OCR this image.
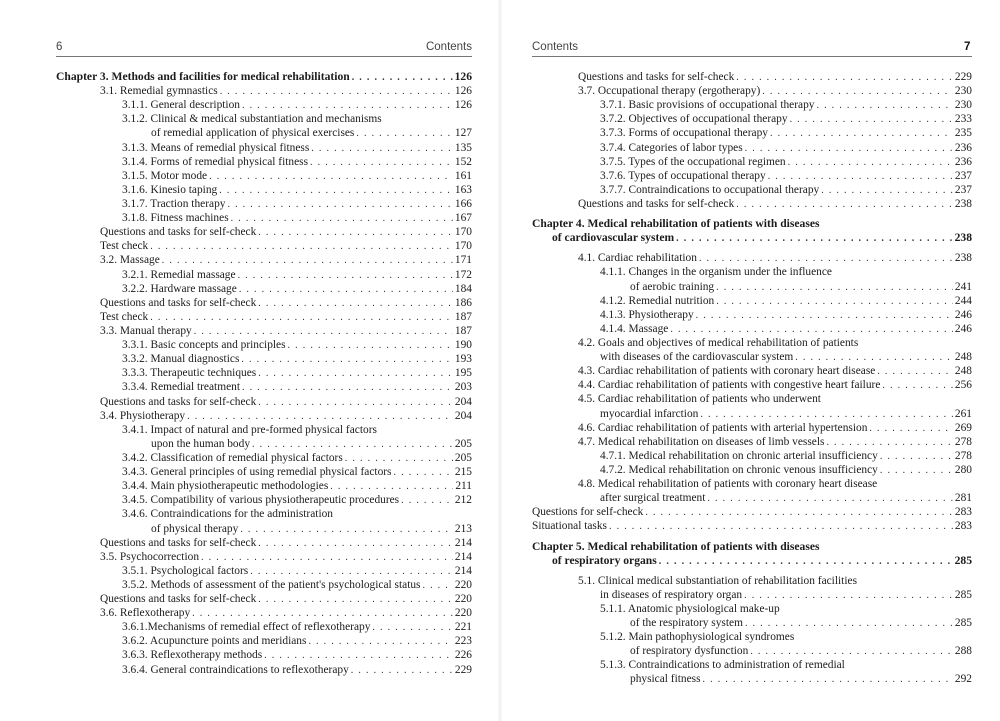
6	Contents
Chapter 3. Methods and facilities for medical rehabilitation . . .	126
3.1. Remedial gymnastics . . .	126
3.1.1. General description . . .	126
3.1.2. Clinical & medical substantiation and mechanisms
of remedial application of physical exercises . . .	127
3.1.3. Means of remedial physical fitness . . .	135
3.1.4. Forms of remedial physical fitness . . .	152
3.1.5. Motor mode . . .	161
3.1.6. Kinesio taping . . .	163
3.1.7. Traction therapy . . .	166
3.1.8. Fitness machines . . .	167
Questions and tasks for self-check . . .	170
Test check . . .	170
3.2. Massage . . .	171
3.2.1. Remedial massage . . .	172
3.2.2. Hardware massage . . .	184
Questions and tasks for self-check . . .	186
Test check . . .	187
3.3. Manual therapy . . .	187
3.3.1. Basic concepts and principles . . .	190
3.3.2. Manual diagnostics . . .	193
3.3.3. Therapeutic techniques . . .	195
3.3.4. Remedial treatment . . .	203
Questions and tasks for self-check . . .	204
3.4. Physiotherapy . . .	204
3.4.1. Impact of natural and pre-formed physical factors
upon the human body . . .	205
3.4.2. Classification of remedial physical factors . . .	205
3.4.3. General principles of using remedial physical factors . . .	215
3.4.4. Main physiotherapeutic methodologies . . .	211
3.4.5. Compatibility of various physiotherapeutic procedures . . .	212
3.4.6. Contraindications for the administration
of physical therapy . . .	213
Questions and tasks for self-check . . .	214
3.5. Psychocorrection . . .	214
3.5.1. Psychological factors . . .	214
3.5.2. Methods of assessment of the patient's psychological status . . .	220
Questions and tasks for self-check . . .	220
3.6. Reflexotherapy . . .	220
3.6.1.Mechanisms of remedial effect of reflexotherapy . . .	221
3.6.2. Acupuncture points and meridians . . .	223
3.6.3. Reflexotherapy methods . . .	226
3.6.4. General contraindications to reflexotherapy . . .	229
Contents	7
Questions and tasks for self-check . . .	229
3.7. Occupational therapy (ergotherapy) . . .	230
3.7.1. Basic provisions of occupational therapy . . .	230
3.7.2. Objectives of occupational therapy . . .	233
3.7.3. Forms of occupational therapy . . .	235
3.7.4. Categories of labor types . . .	236
3.7.5. Types of the occupational regimen . . .	236
3.7.6. Types of occupational therapy . . .	237
3.7.7. Contraindications to occupational therapy . . .	237
Questions and tasks for self-check . . .	238
Chapter 4. Medical rehabilitation of patients with diseases
of cardiovascular system . . .	238
4.1. Cardiac rehabilitation . . .	238
4.1.1. Changes in the organism under the influence
of aerobic training . . .	241
4.1.2. Remedial nutrition . . .	244
4.1.3. Physiotherapy . . .	246
4.1.4. Massage . . .	246
4.2. Goals and objectives of medical rehabilitation of patients
with diseases of the cardiovascular system . . .	248
4.3. Cardiac rehabilitation of patients with coronary heart disease . . .	248
4.4. Cardiac rehabilitation of patients with congestive heart failure . . .	256
4.5. Cardiac rehabilitation of patients who underwent
myocardial infarction . . .	261
4.6. Cardiac rehabilitation of patients with arterial hypertension . . .	269
4.7. Medical rehabilitation on diseases of limb vessels . . .	278
4.7.1. Medical rehabilitation on chronic arterial insufficiency . . .	278
4.7.2. Medical rehabilitation on chronic venous insufficiency . . .	280
4.8. Medical rehabilitation of patients with coronary heart disease
after surgical treatment . . .	281
Questions for self-check . . .	283
Situational tasks . . .	283
Chapter 5. Medical rehabilitation of patients with diseases
of respiratory organs . . .	285
5.1. Clinical medical substantiation of rehabilitation facilities
in diseases of respiratory organ . . .	285
5.1.1. Anatomic physiological make-up
of the respiratory system . . .	285
5.1.2. Main pathophysiological syndromes
of respiratory dysfunction . . .	288
5.1.3. Contraindications to administration of remedial
physical fitness . . .	292
